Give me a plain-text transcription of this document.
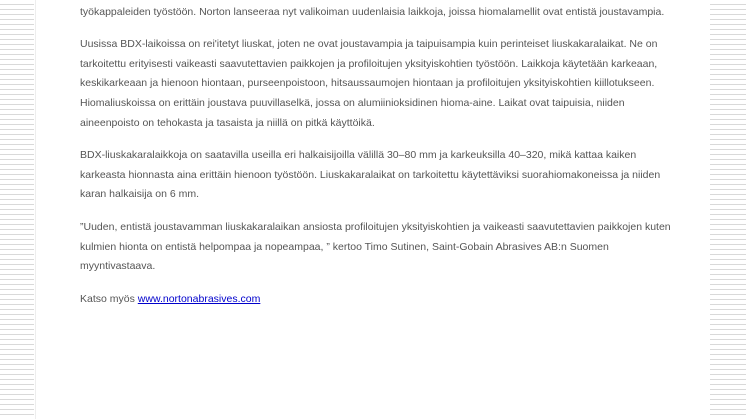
työkappaleiden työstöön. Norton lanseeraa nyt valikoiman uudenlaisia laikkoja, joissa hiomalamellit ovat entistä joustavampia.

Uusissa BDX-laikoissa on rei'itetyt liuskat, joten ne ovat joustavampia ja taipuisampia kuin perinteiset liuskakaralaikat. Ne on tarkoitettu erityisesti vaikeasti saavutettavien paikkojen ja profiloitujen yksityiskohtien työstöön. Laikkoja käytetään karkeaan, keskikarkeaan ja hienoon hiontaan, purseenpoistoon, hitsaussaumojen hiontaan ja profiloitujen yksityiskohtien kiillotukseen. Hiomaliuskoissa on erittäin joustava puuvillaselkä, jossa on alumiinioksidinen hioma-aine. Laikat ovat taipuisia, niiden aineenpoisto on tehokasta ja tasaista ja niillä on pitkä käyttöikä.

BDX-liuskakaralaikkoja on saatavilla useilla eri halkaisijoilla välillä 30–80 mm ja karkeuksilla 40–320, mikä kattaa kaiken karkeasta hionnasta aina erittäin hienoon työstöön. Liuskakaralaikat on tarkoitettu käytettäviksi suorahiomakoneissa ja niiden karan halkaisija on 6 mm.

”Uuden, entistä joustavamman liuskakaralaikan ansiosta profiloitujen yksityiskohtien ja vaikeasti saavutettavien paikkojen kuten kulmien hionta on entistä helpompaa ja nopeampaa, ” kertoo Timo Sutinen, Saint-Gobain Abrasives AB:n Suomen myyntivastaava.

Katso myös www.nortonabrasives.com
